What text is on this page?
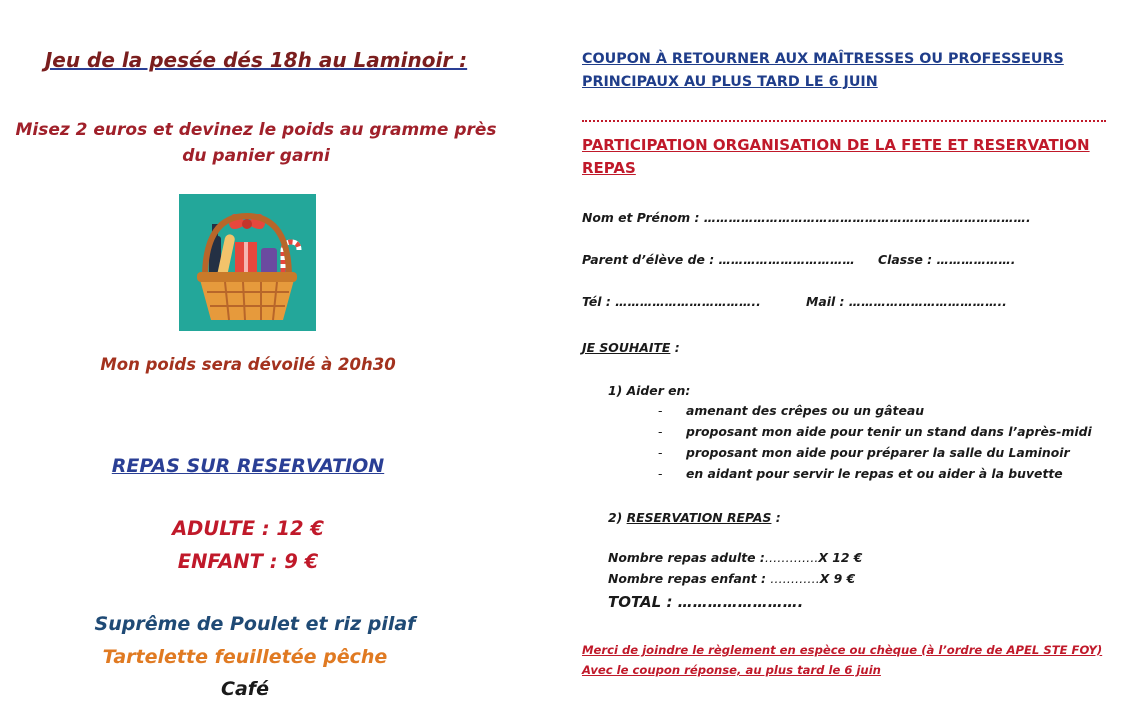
Jeu de la pesée dés 18h au Laminoir :
Misez 2 euros et devinez le poids au gramme près
du panier garni
Mon poids sera dévoilé à 20h30
REPAS SUR RESERVATION
ADULTE : 12 €
ENFANT : 9 €
Suprême de Poulet et riz pilaf
Tartelette feuilletée pêche
Café
COUPON À RETOURNER AUX MAÎTRESSES OU PROFESSEURS
PRINCIPAUX AU PLUS TARD LE 6 JUIN
PARTICIPATION ORGANISATION DE LA FETE ET RESERVATION
REPAS
Nom et Prénom : …………………………………………………………………….
Parent d’élève de : …………………………… Classe : ……………….
Tél : ……………………………..	Mail : ………………………………..
JE SOUHAITE :
1) Aider en:
- amenant des crêpes ou un gâteau
- proposant mon aide pour tenir un stand dans l’après-midi
- proposant mon aide pour préparer la salle du Laminoir
- en aidant pour servir le repas et ou aider à la buvette
2) RESERVATION REPAS :
Nombre repas adulte :………….X 12 €
Nombre repas enfant : …………X 9 €
TOTAL : …………………….
Merci de joindre le règlement en espèce ou chèque (à l’ordre de APEL STE FOY)
Avec le coupon réponse, au plus tard le 6 juin
